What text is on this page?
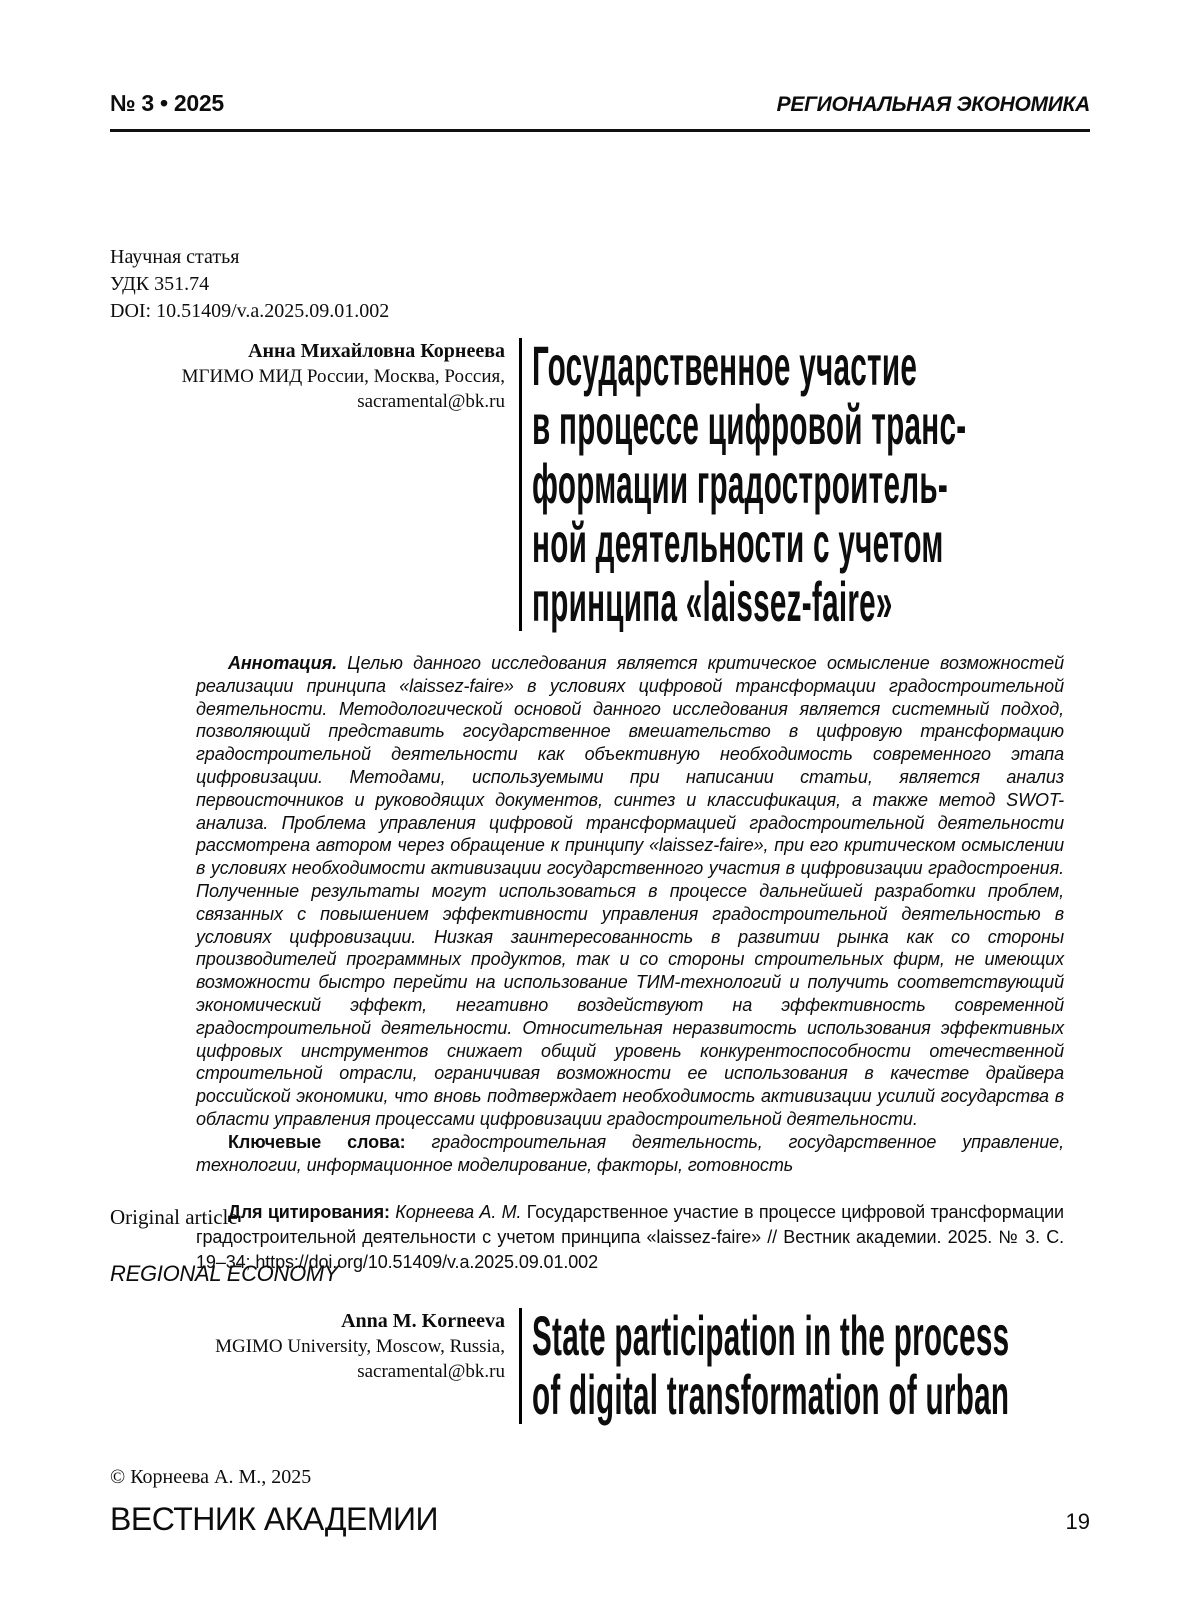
№ 3 • 2025	РЕГИОНАЛЬНАЯ ЭКОНОМИКА
Научная статья
УДК 351.74
DOI: 10.51409/v.a.2025.09.01.002
Анна Михайловна Корнеева
МГИМО МИД России, Москва, Россия,
sacramental@bk.ru
Государственное участие
в процессе цифровой транс-
формации градостроитель-
ной деятельности с учетом
принципа «laissez-faire»

Аннотация. Целью данного исследования является критическое осмысление возможностей реализации принципа «laissez-faire» в условиях цифровой трансформации градостроительной деятельности. Методологической основой данного исследования является системный подход, позволяющий представить государственное вмешательство в цифровую трансформацию градостроительной деятельности как объективную необходимость современного этапа цифровизации. Методами, используемыми при написании статьи, является анализ первоисточников и руководящих документов, синтез и классификация, а также метод SWOT-анализа. Проблема управления цифровой трансформацией градостроительной деятельности рассмотрена автором через обращение к принципу «laissez-faire», при его критическом осмыслении в условиях необходимости активизации государственного участия в цифровизации градостроения. Полученные результаты могут использоваться в процессе дальнейшей разработки проблем, связанных с повышением эффективности управления градостроительной деятельностью в условиях цифровизации. Низкая заинтересованность в развитии рынка как со стороны производителей программных продуктов, так и со стороны строительных фирм, не имеющих возможности быстро перейти на использование ТИМ-технологий и получить соответствующий экономический эффект, негативно воздействуют на эффективность современной градостроительной деятельности. Относительная неразвитость использования эффективных цифровых инструментов снижает общий уровень конкурентоспособности отечественной строительной отрасли, ограничивая возможности ее использования в качестве драйвера российской экономики, что вновь подтверждает необходимость активизации усилий государства в области управления процессами цифровизации градостроительной деятельности.

Ключевые слова: градостроительная деятельность, государственное управление, технологии, информационное моделирование, факторы, готовность

Для цитирования: Корнеева А. М. Государственное участие в процессе цифровой трансформации градостроительной деятельности с учетом принципа «laissez-faire» // Вестник академии. 2025. № 3. С. 19–34; https://doi.org/10.51409/v.a.2025.09.01.002

Original article
REGIONAL ECONOMY
Anna M. Korneeva
MGIMO University, Moscow, Russia,
sacramental@bk.ru
State participation in the process
of digital transformation of urban
© Корнеева А. М., 2025
ВЕСТНИК АКАДЕМИИ	19
